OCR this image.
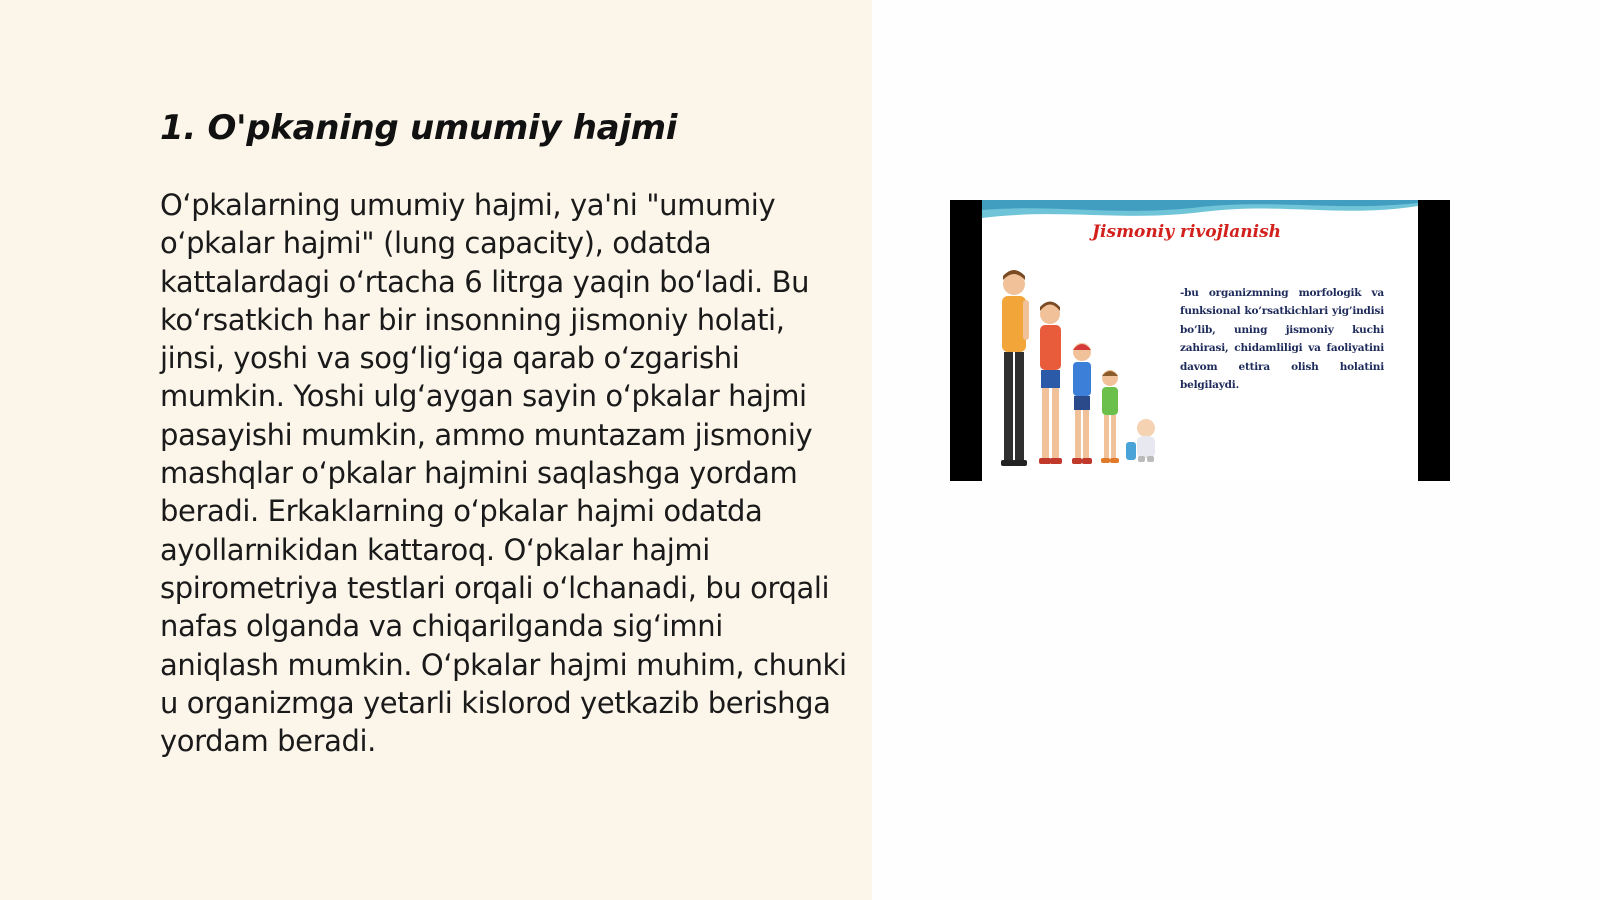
1. O'pkaning umumiy hajmi

O‘pkalarning umumiy hajmi, ya'ni "umumiy o‘pkalar hajmi" (lung capacity), odatda kattalardagi o‘rtacha 6 litrga yaqin bo‘ladi. Bu ko‘rsatkich har bir insonning jismoniy holati, jinsi, yoshi va sog‘lig‘iga qarab o‘zgarishi mumkin. Yoshi ulg‘aygan sayin o‘pkalar hajmi pasayishi mumkin, ammo muntazam jismoniy mashqlar o‘pkalar hajmini saqlashga yordam beradi. Erkaklarning o‘pkalar hajmi odatda ayollarnikidan kattaroq. O‘pkalar hajmi spirometriya testlari orqali o‘lchanadi, bu orqali nafas olganda va chiqarilganda sig‘imni aniqlash mumkin. O‘pkalar hajmi muhim, chunki u organizmga yetarli kislorod yetkazib berishga yordam beradi.

Jismoniy rivojlanish
-bu organizmning morfologik va funksional ko’rsatkichlari yig’indisi bo’lib, uning jismoniy kuchi zahirasi, chidamliligi va faoliyatini davom ettira olish holatini belgilaydi.
